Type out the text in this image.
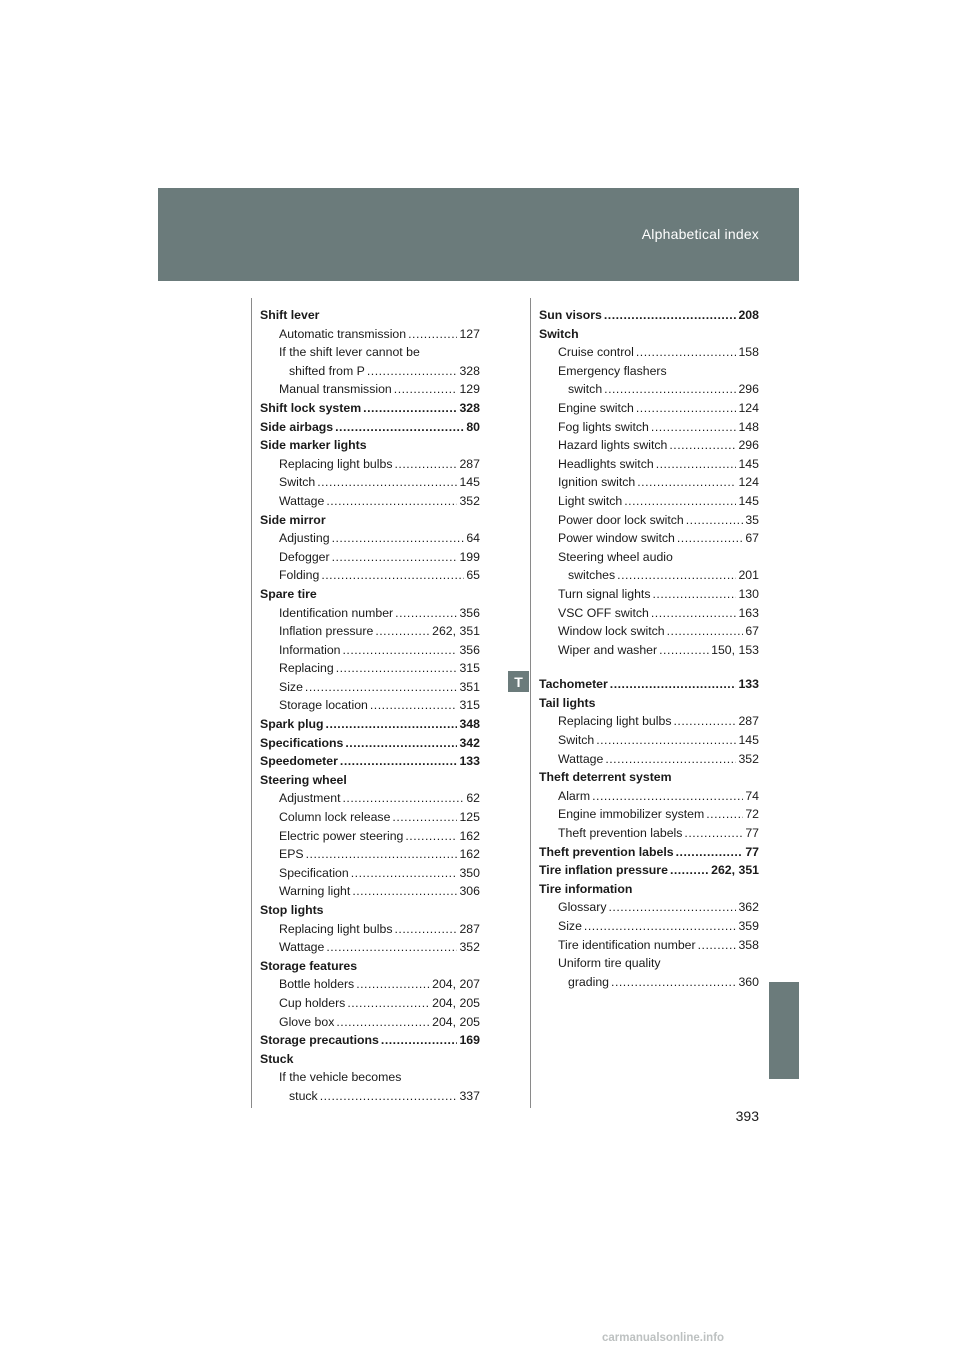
Alphabetical index
Shift lever
Automatic transmission .....	127
If the shift lever cannot be
shifted from P .....	328
Manual transmission .....	129
Shift lock system .....	328
Side airbags .....	80
Side marker lights
Replacing light bulbs .....	287
Switch .....	145
Wattage .....	352
Side mirror
Adjusting .....	64
Defogger .....	199
Folding .....	65
Spare tire
Identification number .....	356
Inflation pressure .....	262, 351
Information .....	356
Replacing .....	315
Size .....	351
Storage location .....	315
Spark plug .....	348
Specifications .....	342
Speedometer .....	133
Steering wheel
Adjustment .....	62
Column lock release .....	125
Electric power steering .....	162
EPS .....	162
Specification .....	350
Warning light .....	306
Stop lights
Replacing light bulbs .....	287
Wattage .....	352
Storage features
Bottle holders .....	204, 207
Cup holders .....	204, 205
Glove box .....	204, 205
Storage precautions .....	169
Stuck
If the vehicle becomes
stuck .....	337
Sun visors .....	208
Switch
Cruise control .....	158
Emergency flashers
switch .....	296
Engine switch .....	124
Fog lights switch .....	148
Hazard lights switch .....	296
Headlights switch .....	145
Ignition switch .....	124
Light switch .....	145
Power door lock switch .....	35
Power window switch .....	67
Steering wheel audio
switches .....	201
Turn signal lights .....	130
VSC OFF switch .....	163
Window lock switch .....	67
Wiper and washer .....	150, 153
Tachometer .....	133
Tail lights
Replacing light bulbs .....	287
Switch .....	145
Wattage .....	352
Theft deterrent system
Alarm .....	74
Engine immobilizer system .....	72
Theft prevention labels .....	77
Theft prevention labels .....	77
Tire inflation pressure .....	262, 351
Tire information
Glossary .....	362
Size .....	359
Tire identification number .....	358
Uniform tire quality
grading .....	360
T
393
carmanualsonline.info
